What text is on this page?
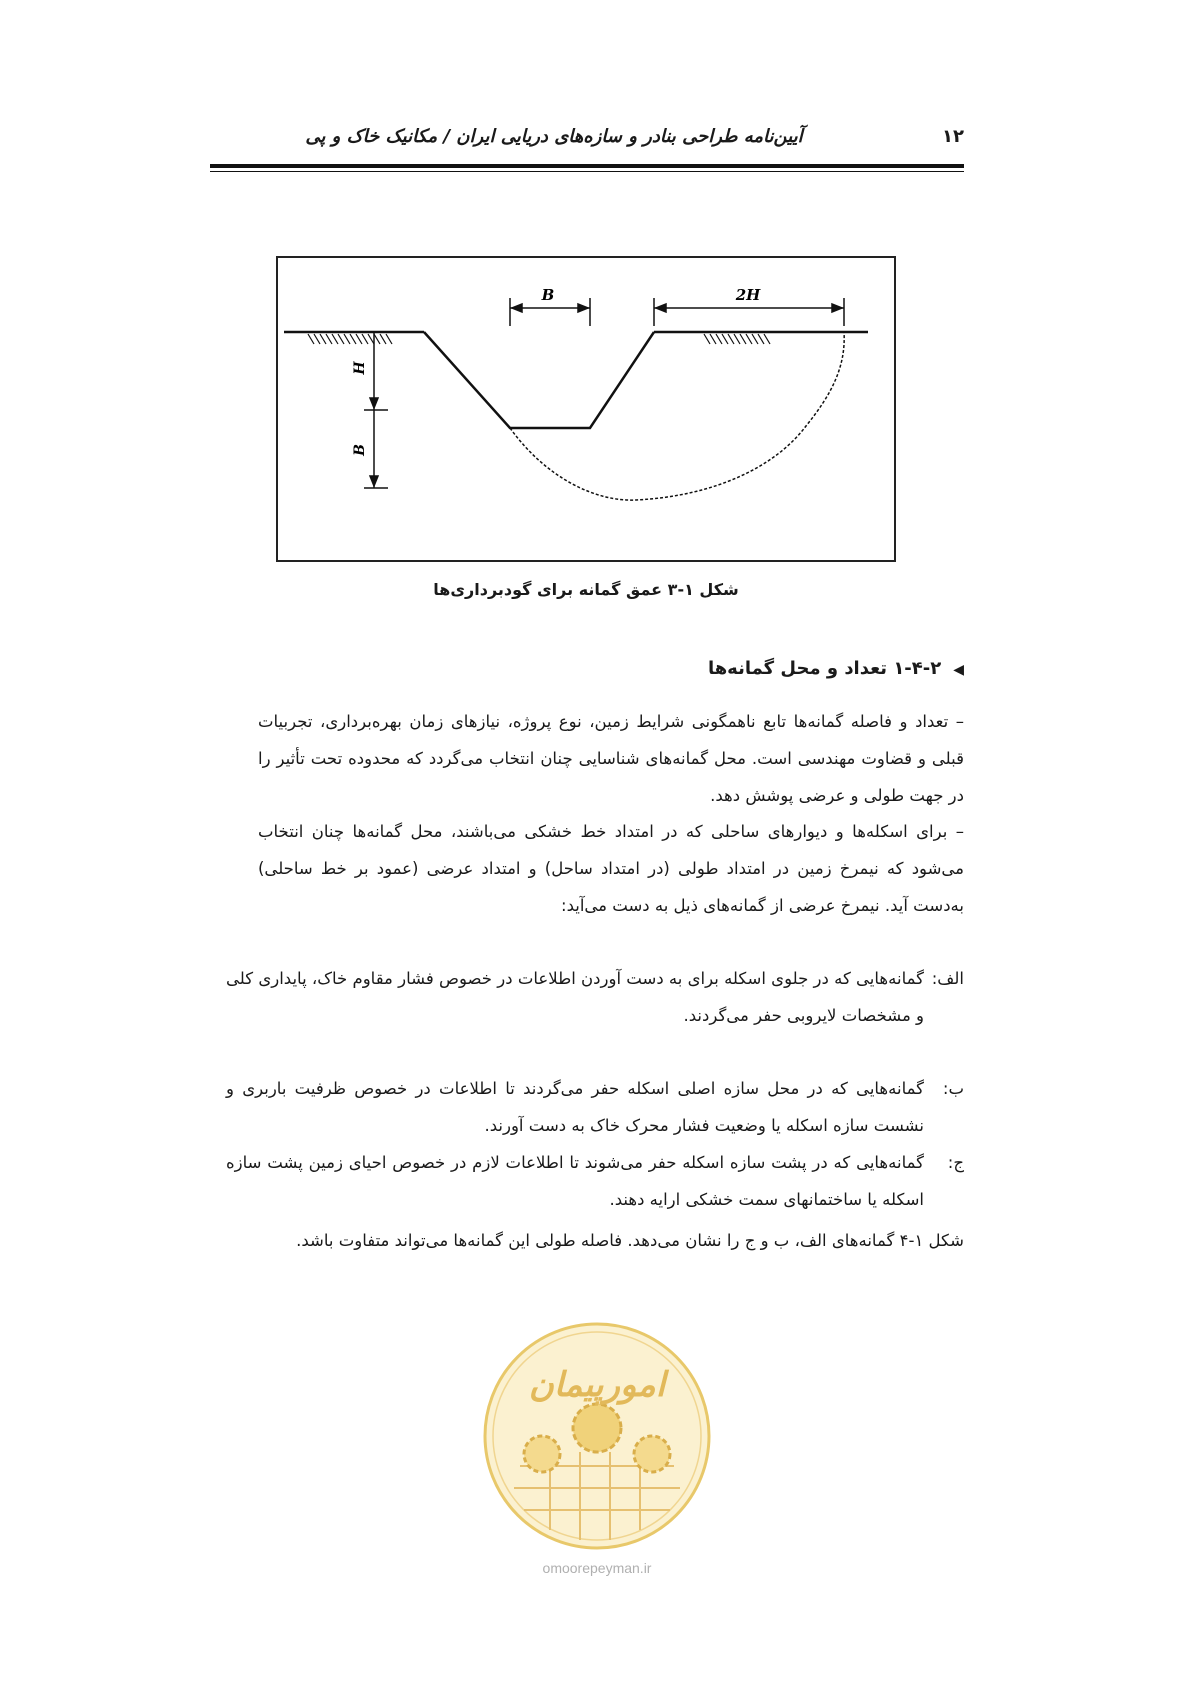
آیین‌نامه طراحی بنادر و سازه‌های دریایی ایران / مکانیک خاک و پی	۱۲
B	2H
H
B
شکل ۱-۳ عمق گمانه برای گودبرداری‌ها
◀۱-۴-۲ تعداد و محل گمانه‌ها

– تعداد و فاصله گمانه‌ها تابع ناهمگونی شرایط زمین، نوع پروژه، نیازهای زمان بهره‌برداری، تجربیات قبلی و قضاوت مهندسی است. محل گمانه‌های شناسایی چنان انتخاب می‌گردد که محدوده تحت تأثیر را در جهت طولی و عرضی پوشش دهد.

– برای اسکله‌ها و دیوارهای ساحلی که در امتداد خط خشکی می‌باشند، محل گمانه‌ها چنان انتخاب می‌شود که نیمرخ زمین در امتداد طولی (در امتداد ساحل) و امتداد عرضی (عمود بر خط ساحلی) به‌دست آید. نیمرخ عرضی از گمانه‌های ذیل به دست می‌آید:

الف:
گمانه‌هایی که در جلوی اسکله برای به دست آوردن اطلاعات در خصوص فشار مقاوم خاک، پایداری کلی و مشخصات لایروبی حفر می‌گردند.
ب:
گمانه‌هایی که در محل سازه اصلی اسکله حفر می‌گردند تا اطلاعات در خصوص ظرفیت باربری و نشست سازه اسکله یا وضعیت فشار محرک خاک به دست آورند.
ج:
گمانه‌هایی که در پشت سازه اسکله حفر می‌شوند تا اطلاعات لازم در خصوص احیای زمین پشت سازه اسکله یا ساختمانهای سمت خشکی ارایه دهند.
شکل ۱-۴ گمانه‌های الف، ب و ج را نشان می‌دهد. فاصله طولی این گمانه‌ها می‌تواند متفاوت باشد.
امورپیمان
omoorepeyman.ir
